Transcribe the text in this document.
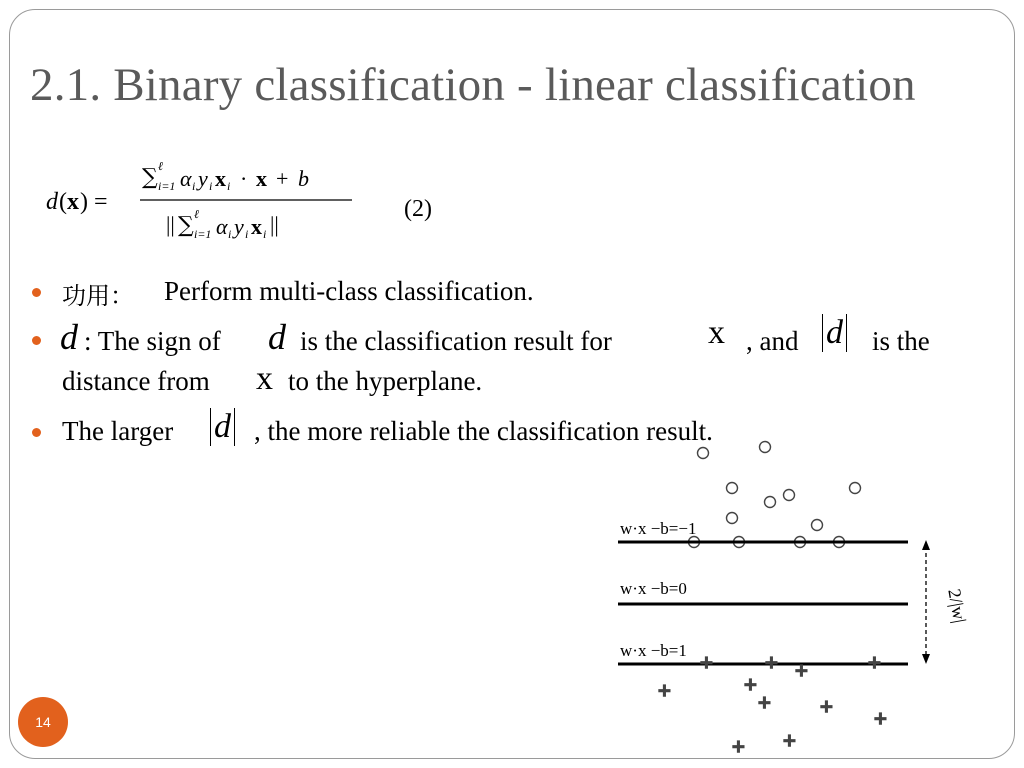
2.1. Binary classification - linear classification
d ( x ) =
∑ ℓ
i=1 α i y i x i · x + b
|| ∑ ℓ
i=1 α i y i x i ||
(2)
功用： Perform multi-class classification.
d : The sign of d is the classification result for	x , and d is the
distance from x to the hyperplane.
The larger d , the more reliable the classification result.
w·x −b=−1
w·x −b=0
w·x −b=1
2/|w|
+ + +	+
+	+
+ + +
+ +
14
